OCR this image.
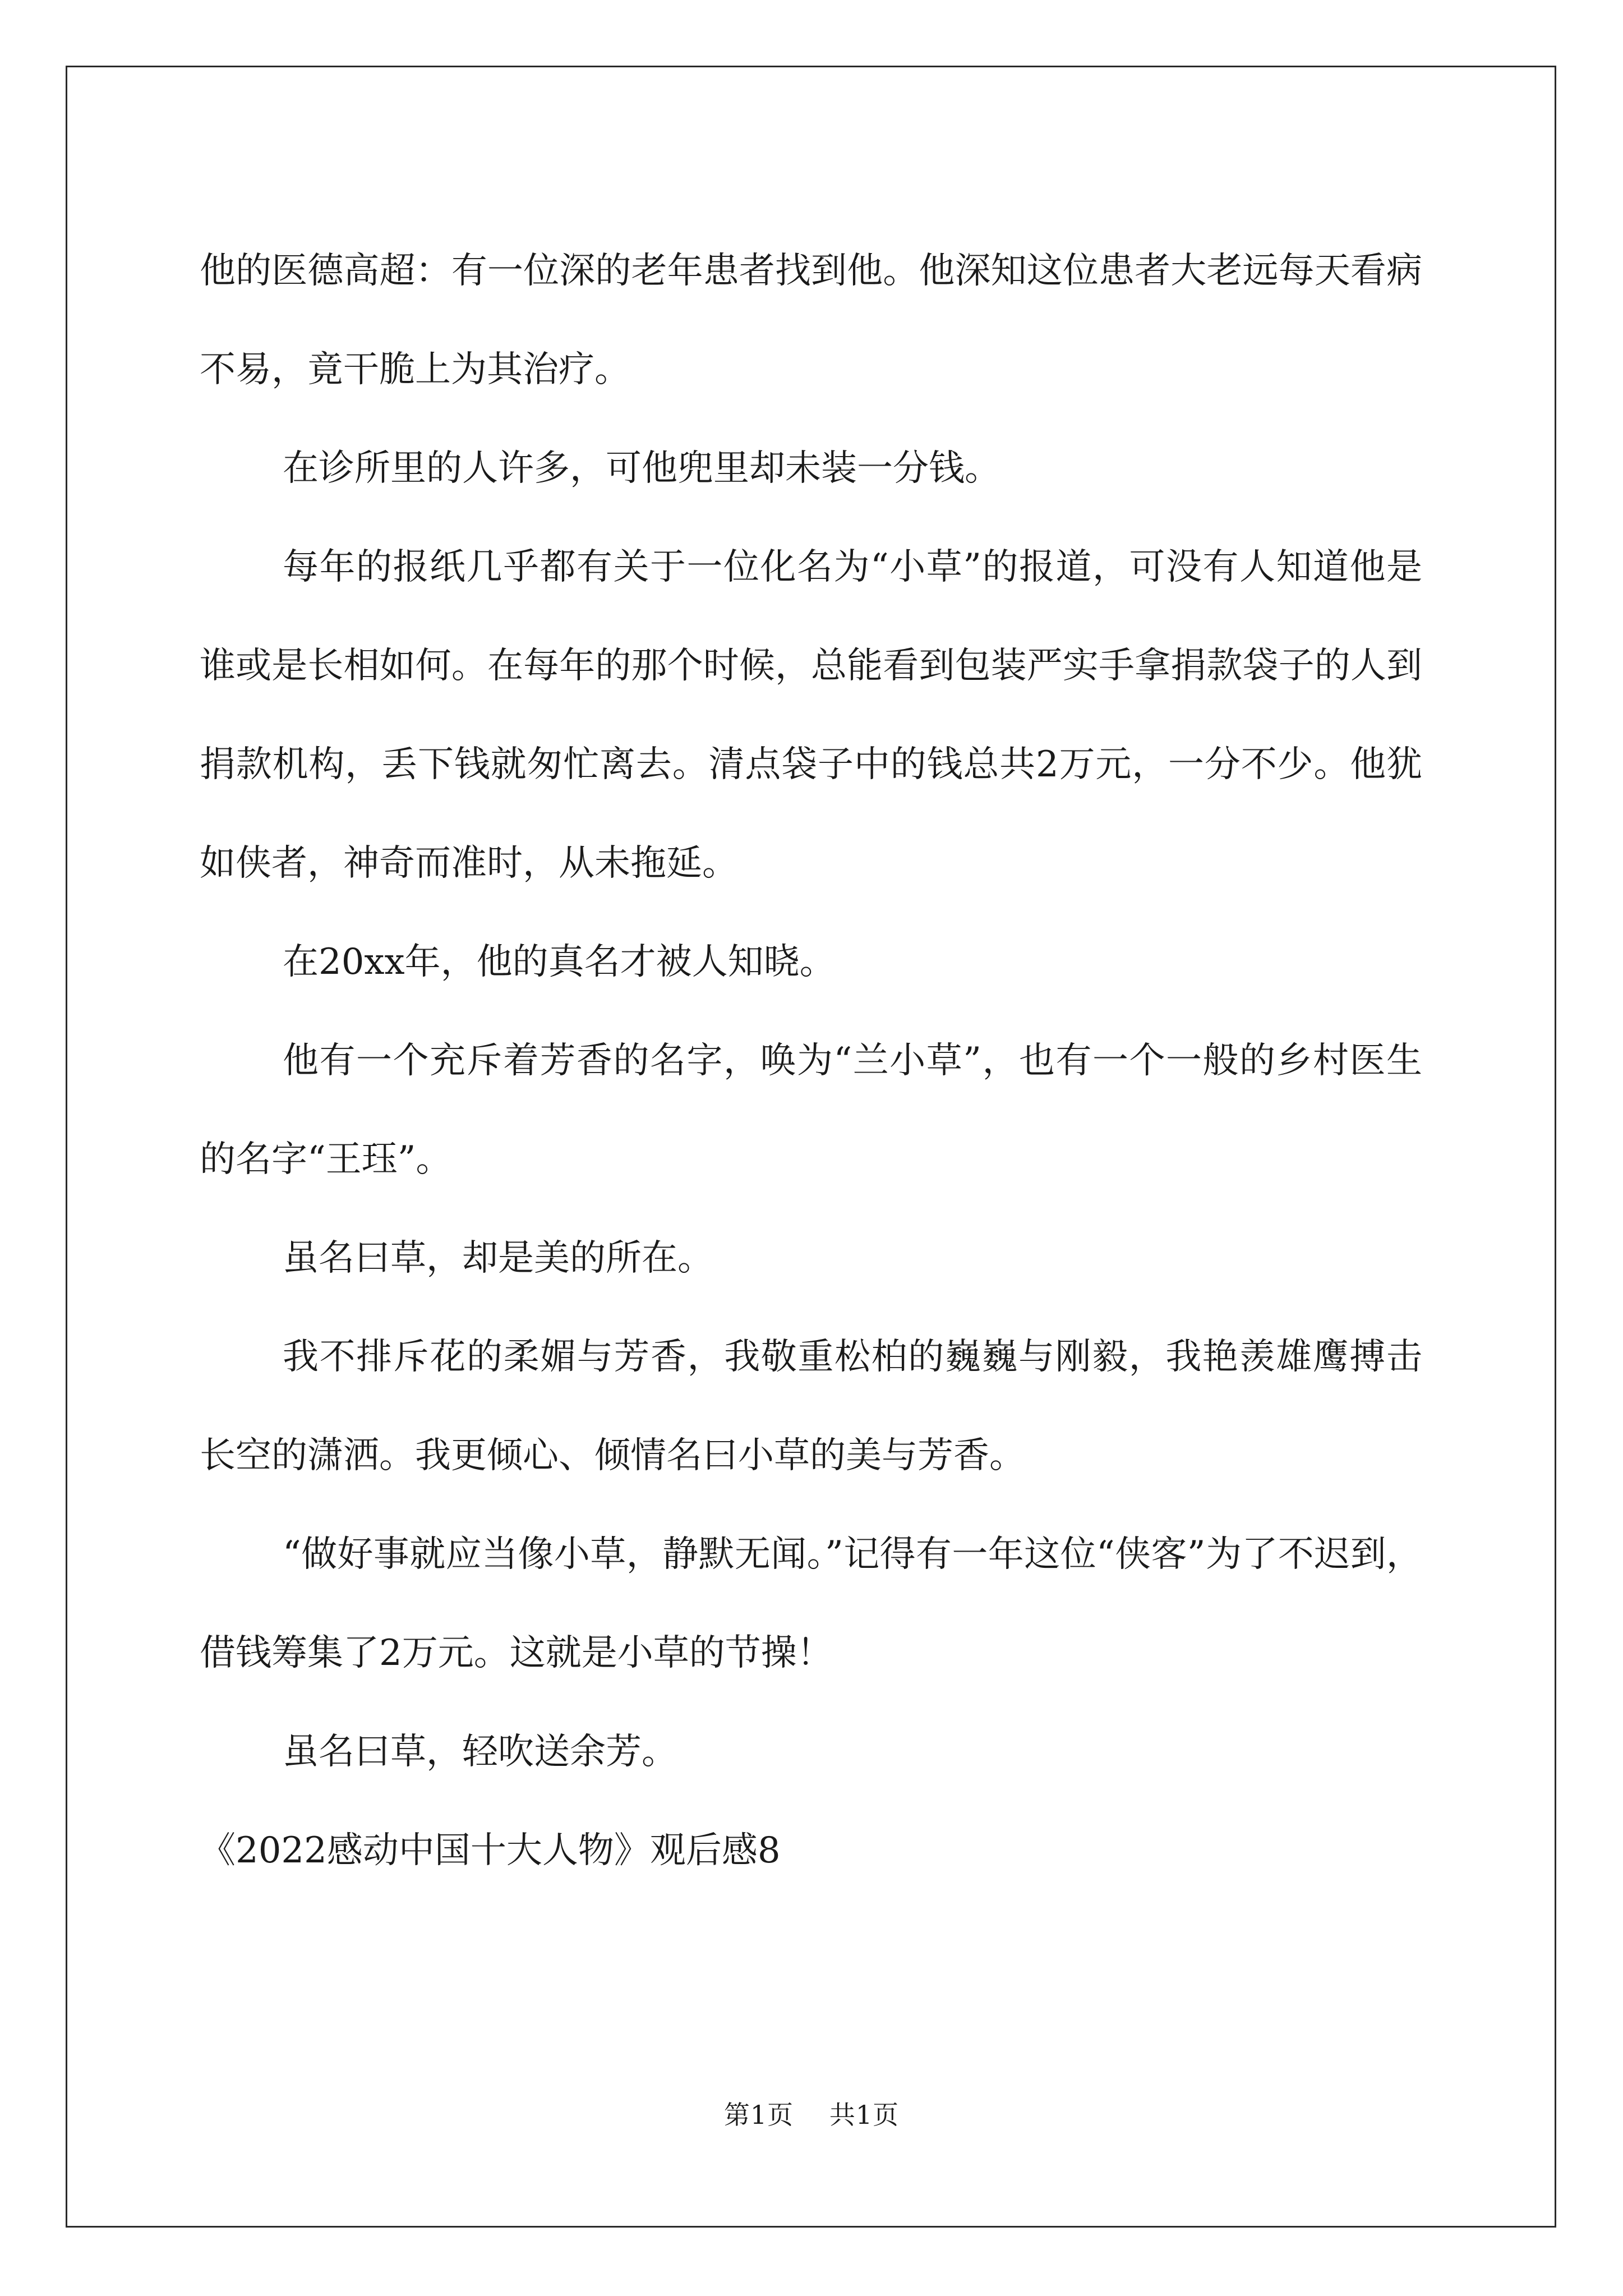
他的医德高超：有一位深的老年患者找到他。他深知这位患者大老远每天看病不易，竟干脆上为其治疗。

在诊所里的人许多，可他兜里却未装一分钱。

每年的报纸几乎都有关于一位化名为“小草”的报道，可没有人知道他是谁或是长相如何。在每年的那个时候，总能看到包装严实手拿捐款袋子的人到捐款机构，丢下钱就匆忙离去。清点袋子中的钱总共2万元，一分不少。他犹如侠者，神奇而准时，从未拖延。

在20xx年，他的真名才被人知晓。

他有一个充斥着芳香的名字，唤为“兰小草”，也有一个一般的乡村医生的名字“王珏”。

虽名曰草，却是美的所在。

我不排斥花的柔媚与芳香，我敬重松柏的巍巍与刚毅，我艳羡雄鹰搏击长空的潇洒。我更倾心、倾情名曰小草的美与芳香。

“做好事就应当像小草，静默无闻。”记得有一年这位“侠客”为了不迟到，借钱筹集了2万元。这就是小草的节操！

虽名曰草，轻吹送余芳。

《2022感动中国十大人物》观后感8

第1页 共1页
